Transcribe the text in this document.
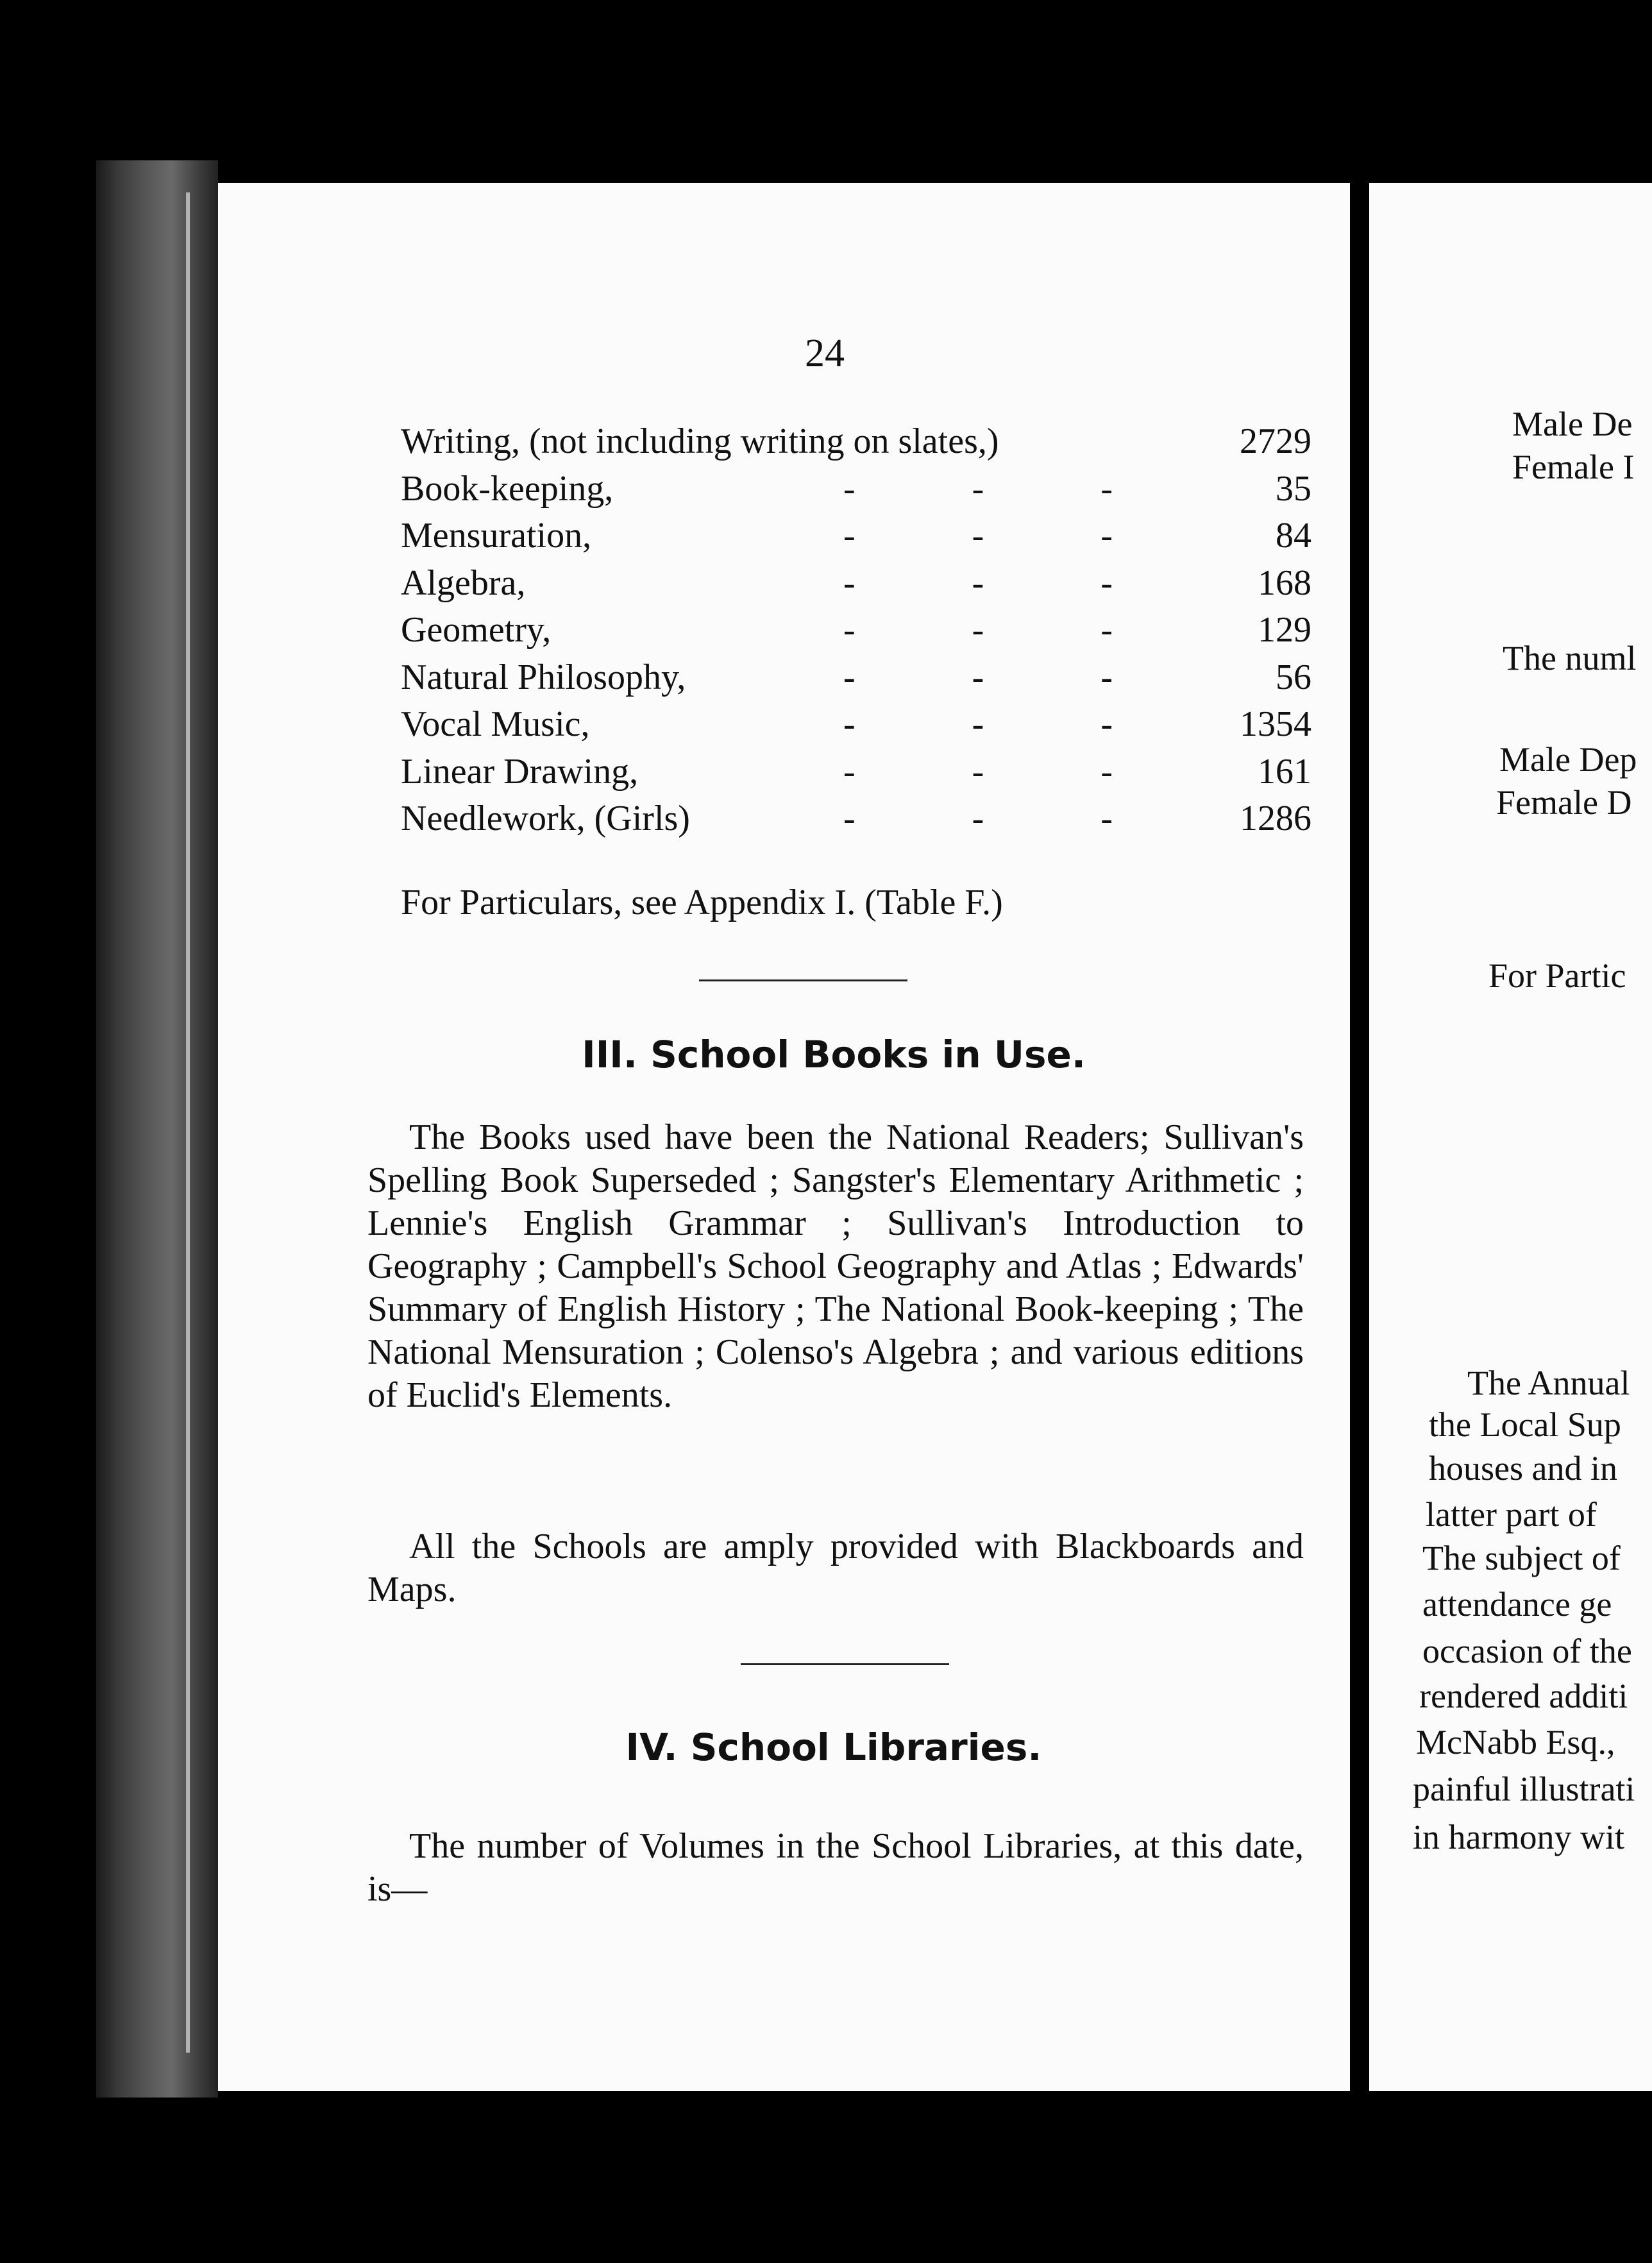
24
Writing, (not including writing on slates,)	2729
Book-keeping,	-	-	-	35
Mensuration,	-	-	-	84
Algebra,	-	-	-	168
Geometry,	-	-	-	129
Natural Philosophy,	-	-	-	56
Vocal Music,	-	-	-	1354
Linear Drawing,	-	-	-	161
Needlework, (Girls)	-	-	-	1286
For Particulars, see Appendix I. (Table F.)
III. School Books in Use.

The Books used have been the National Readers; Sullivan's Spelling Book Superseded ; Sangster's Elementary Arithmetic ; Lennie's English Grammar ; Sullivan's Introduction to Geography ; Campbell's School Geography and Atlas ; Edwards' Summary of English History ; The National Book-keeping ; The National Mensuration ; Colenso's Algebra ; and various editions of Euclid's Elements.

All the Schools are amply provided with Blackboards and Maps.

IV. School Libraries.

The number of Volumes in the School Libraries, at this date, is—

Male De
Female I
The numl
Male Dep
Female D
For Partic
The Annual
the Local Sup
houses and in
latter part of
The subject of
attendance ge
occasion of the
rendered additi
McNabb Esq.,
painful illustrati
in harmony wit
